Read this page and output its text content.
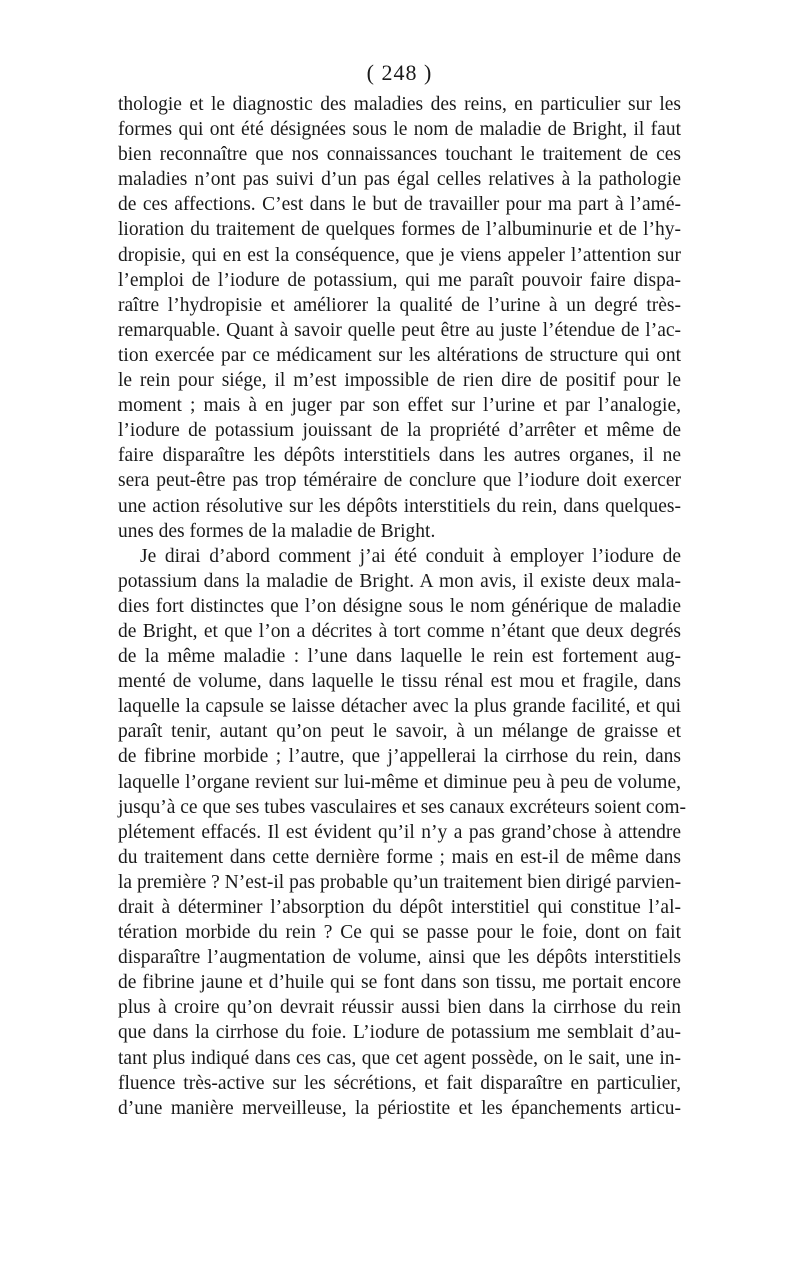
( 248 )
thologie et le diagnostic des maladies des reins, en particulier sur les
formes qui ont été désignées sous le nom de maladie de Bright, il faut
bien reconnaître que nos connaissances touchant le traitement de ces
maladies n’ont pas suivi d’un pas égal celles relatives à la pathologie
de ces affections. C’est dans le but de travailler pour ma part à l’amé-
lioration du traitement de quelques formes de l’albuminurie et de l’hy-
dropisie, qui en est la conséquence, que je viens appeler l’attention sur
l’emploi de l’iodure de potassium, qui me paraît pouvoir faire dispa-
raître l’hydropisie et améliorer la qualité de l’urine à un degré très-
remarquable. Quant à savoir quelle peut être au juste l’étendue de l’ac-
tion exercée par ce médicament sur les altérations de structure qui ont
le rein pour siége, il m’est impossible de rien dire de positif pour le
moment ; mais à en juger par son effet sur l’urine et par l’analogie,
l’iodure de potassium jouissant de la propriété d’arrêter et même de
faire disparaître les dépôts interstitiels dans les autres organes, il ne
sera peut-être pas trop téméraire de conclure que l’iodure doit exercer
une action résolutive sur les dépôts interstitiels du rein, dans quelques-
unes des formes de la maladie de Bright.
Je dirai d’abord comment j’ai été conduit à employer l’iodure de
potassium dans la maladie de Bright. A mon avis, il existe deux mala-
dies fort distinctes que l’on désigne sous le nom générique de maladie
de Bright, et que l’on a décrites à tort comme n’étant que deux degrés
de la même maladie : l’une dans laquelle le rein est fortement aug-
menté de volume, dans laquelle le tissu rénal est mou et fragile, dans
laquelle la capsule se laisse détacher avec la plus grande facilité, et qui
paraît tenir, autant qu’on peut le savoir, à un mélange de graisse et
de fibrine morbide ; l’autre, que j’appellerai la cirrhose du rein, dans
laquelle l’organe revient sur lui-même et diminue peu à peu de volume,
jusqu’à ce que ses tubes vasculaires et ses canaux excréteurs soient com-
plétement effacés. Il est évident qu’il n’y a pas grand’chose à attendre
du traitement dans cette dernière forme ; mais en est-il de même dans
la première ? N’est-il pas probable qu’un traitement bien dirigé parvien-
drait à déterminer l’absorption du dépôt interstitiel qui constitue l’al-
tération morbide du rein ? Ce qui se passe pour le foie, dont on fait
disparaître l’augmentation de volume, ainsi que les dépôts interstitiels
de fibrine jaune et d’huile qui se font dans son tissu, me portait encore
plus à croire qu’on devrait réussir aussi bien dans la cirrhose du rein
que dans la cirrhose du foie. L’iodure de potassium me semblait d’au-
tant plus indiqué dans ces cas, que cet agent possède, on le sait, une in-
fluence très-active sur les sécrétions, et fait disparaître en particulier,
d’une manière merveilleuse, la périostite et les épanchements articu-
